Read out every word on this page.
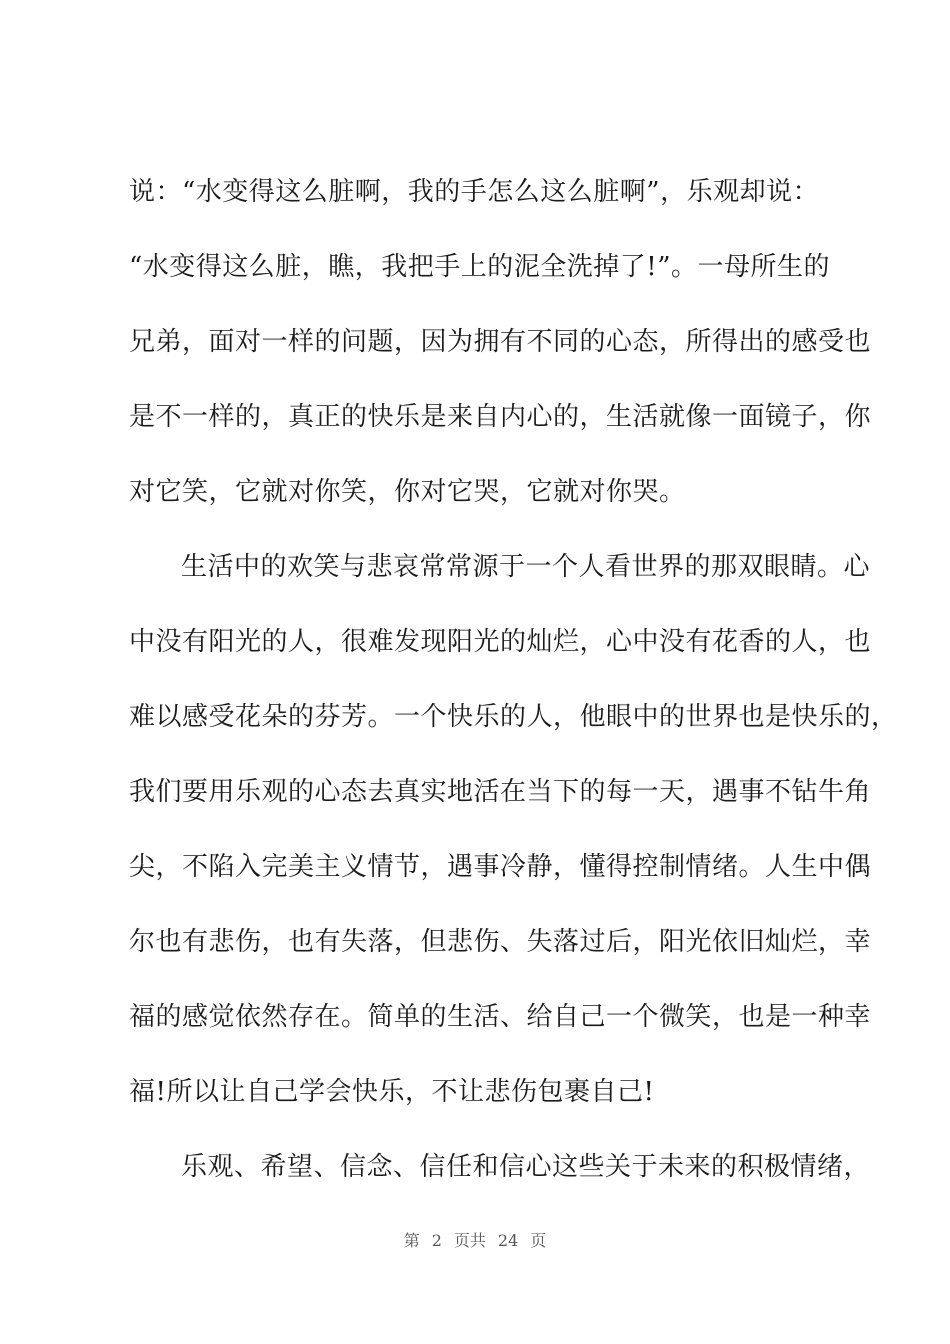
说：“水变得这么脏啊，我的手怎么这么脏啊”，乐观却说：
“水变得这么脏，瞧，我把手上的泥全洗掉了!”。一母所生的
兄弟，面对一样的问题，因为拥有不同的心态，所得出的感受也
是不一样的，真正的快乐是来自内心的，生活就像一面镜子，你
对它笑，它就对你笑，你对它哭，它就对你哭。
生活中的欢笑与悲哀常常源于一个人看世界的那双眼睛。心
中没有阳光的人，很难发现阳光的灿烂，心中没有花香的人，也
难以感受花朵的芬芳。一个快乐的人，他眼中的世界也是快乐的，
我们要用乐观的心态去真实地活在当下的每一天，遇事不钻牛角
尖，不陷入完美主义情节，遇事冷静，懂得控制情绪。人生中偶
尔也有悲伤，也有失落，但悲伤、失落过后，阳光依旧灿烂，幸
福的感觉依然存在。简单的生活、给自己一个微笑，也是一种幸
福!所以让自己学会快乐，不让悲伤包裹自己!
乐观、希望、信念、信任和信心这些关于未来的积极情绪，
第 2 页共 24 页
